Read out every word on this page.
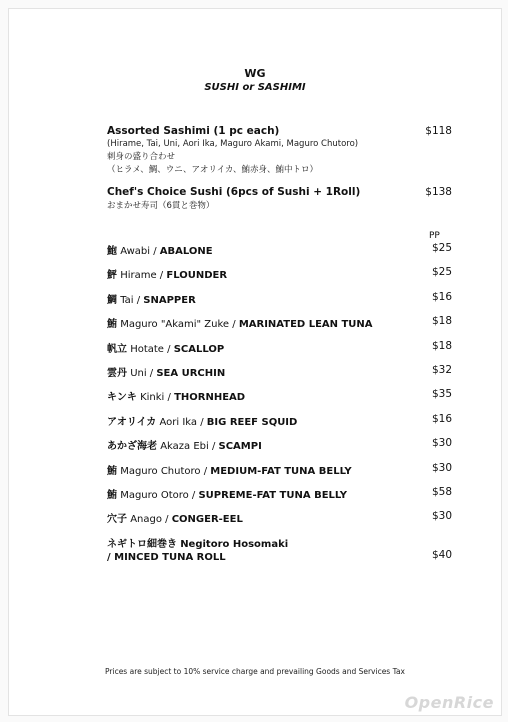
WG
SUSHI or SASHIMI
Assorted Sashimi (1 pc each)
(Hirame, Tai, Uni, Aori Ika, Maguro Akami, Maguro Chutoro)
刺身の盛り合わせ
（ヒラメ、鯛、ウニ、アオリイカ、鮪赤身、鮪中トロ）
$118
Chef's Choice Sushi (6pcs of Sushi + 1Roll)
おまかせ寿司（6貫と巻物）
$138
PP
鮑 Awabi / ABALONE	$25
鮃 Hirame / FLOUNDER	$25
鯛 Tai / SNAPPER	$16
鮪 Maguro "Akami" Zuke / MARINATED LEAN TUNA	$18
帆立 Hotate / SCALLOP	$18
雲丹 Uni / SEA URCHIN	$32
キンキ Kinki / THORNHEAD	$35
アオリイカ Aori Ika / BIG REEF SQUID	$16
あかざ海老 Akaza Ebi / SCAMPI	$30
鮪 Maguro Chutoro / MEDIUM-FAT TUNA BELLY	$30
鮪 Maguro Otoro / SUPREME-FAT TUNA BELLY	$58
穴子 Anago / CONGER-EEL	$30
ネギトロ細巻き Negitoro Hosomaki
/ MINCED TUNA ROLL	$40
Prices are subject to 10% service charge and prevailing Goods and Services Tax
OpenRice
